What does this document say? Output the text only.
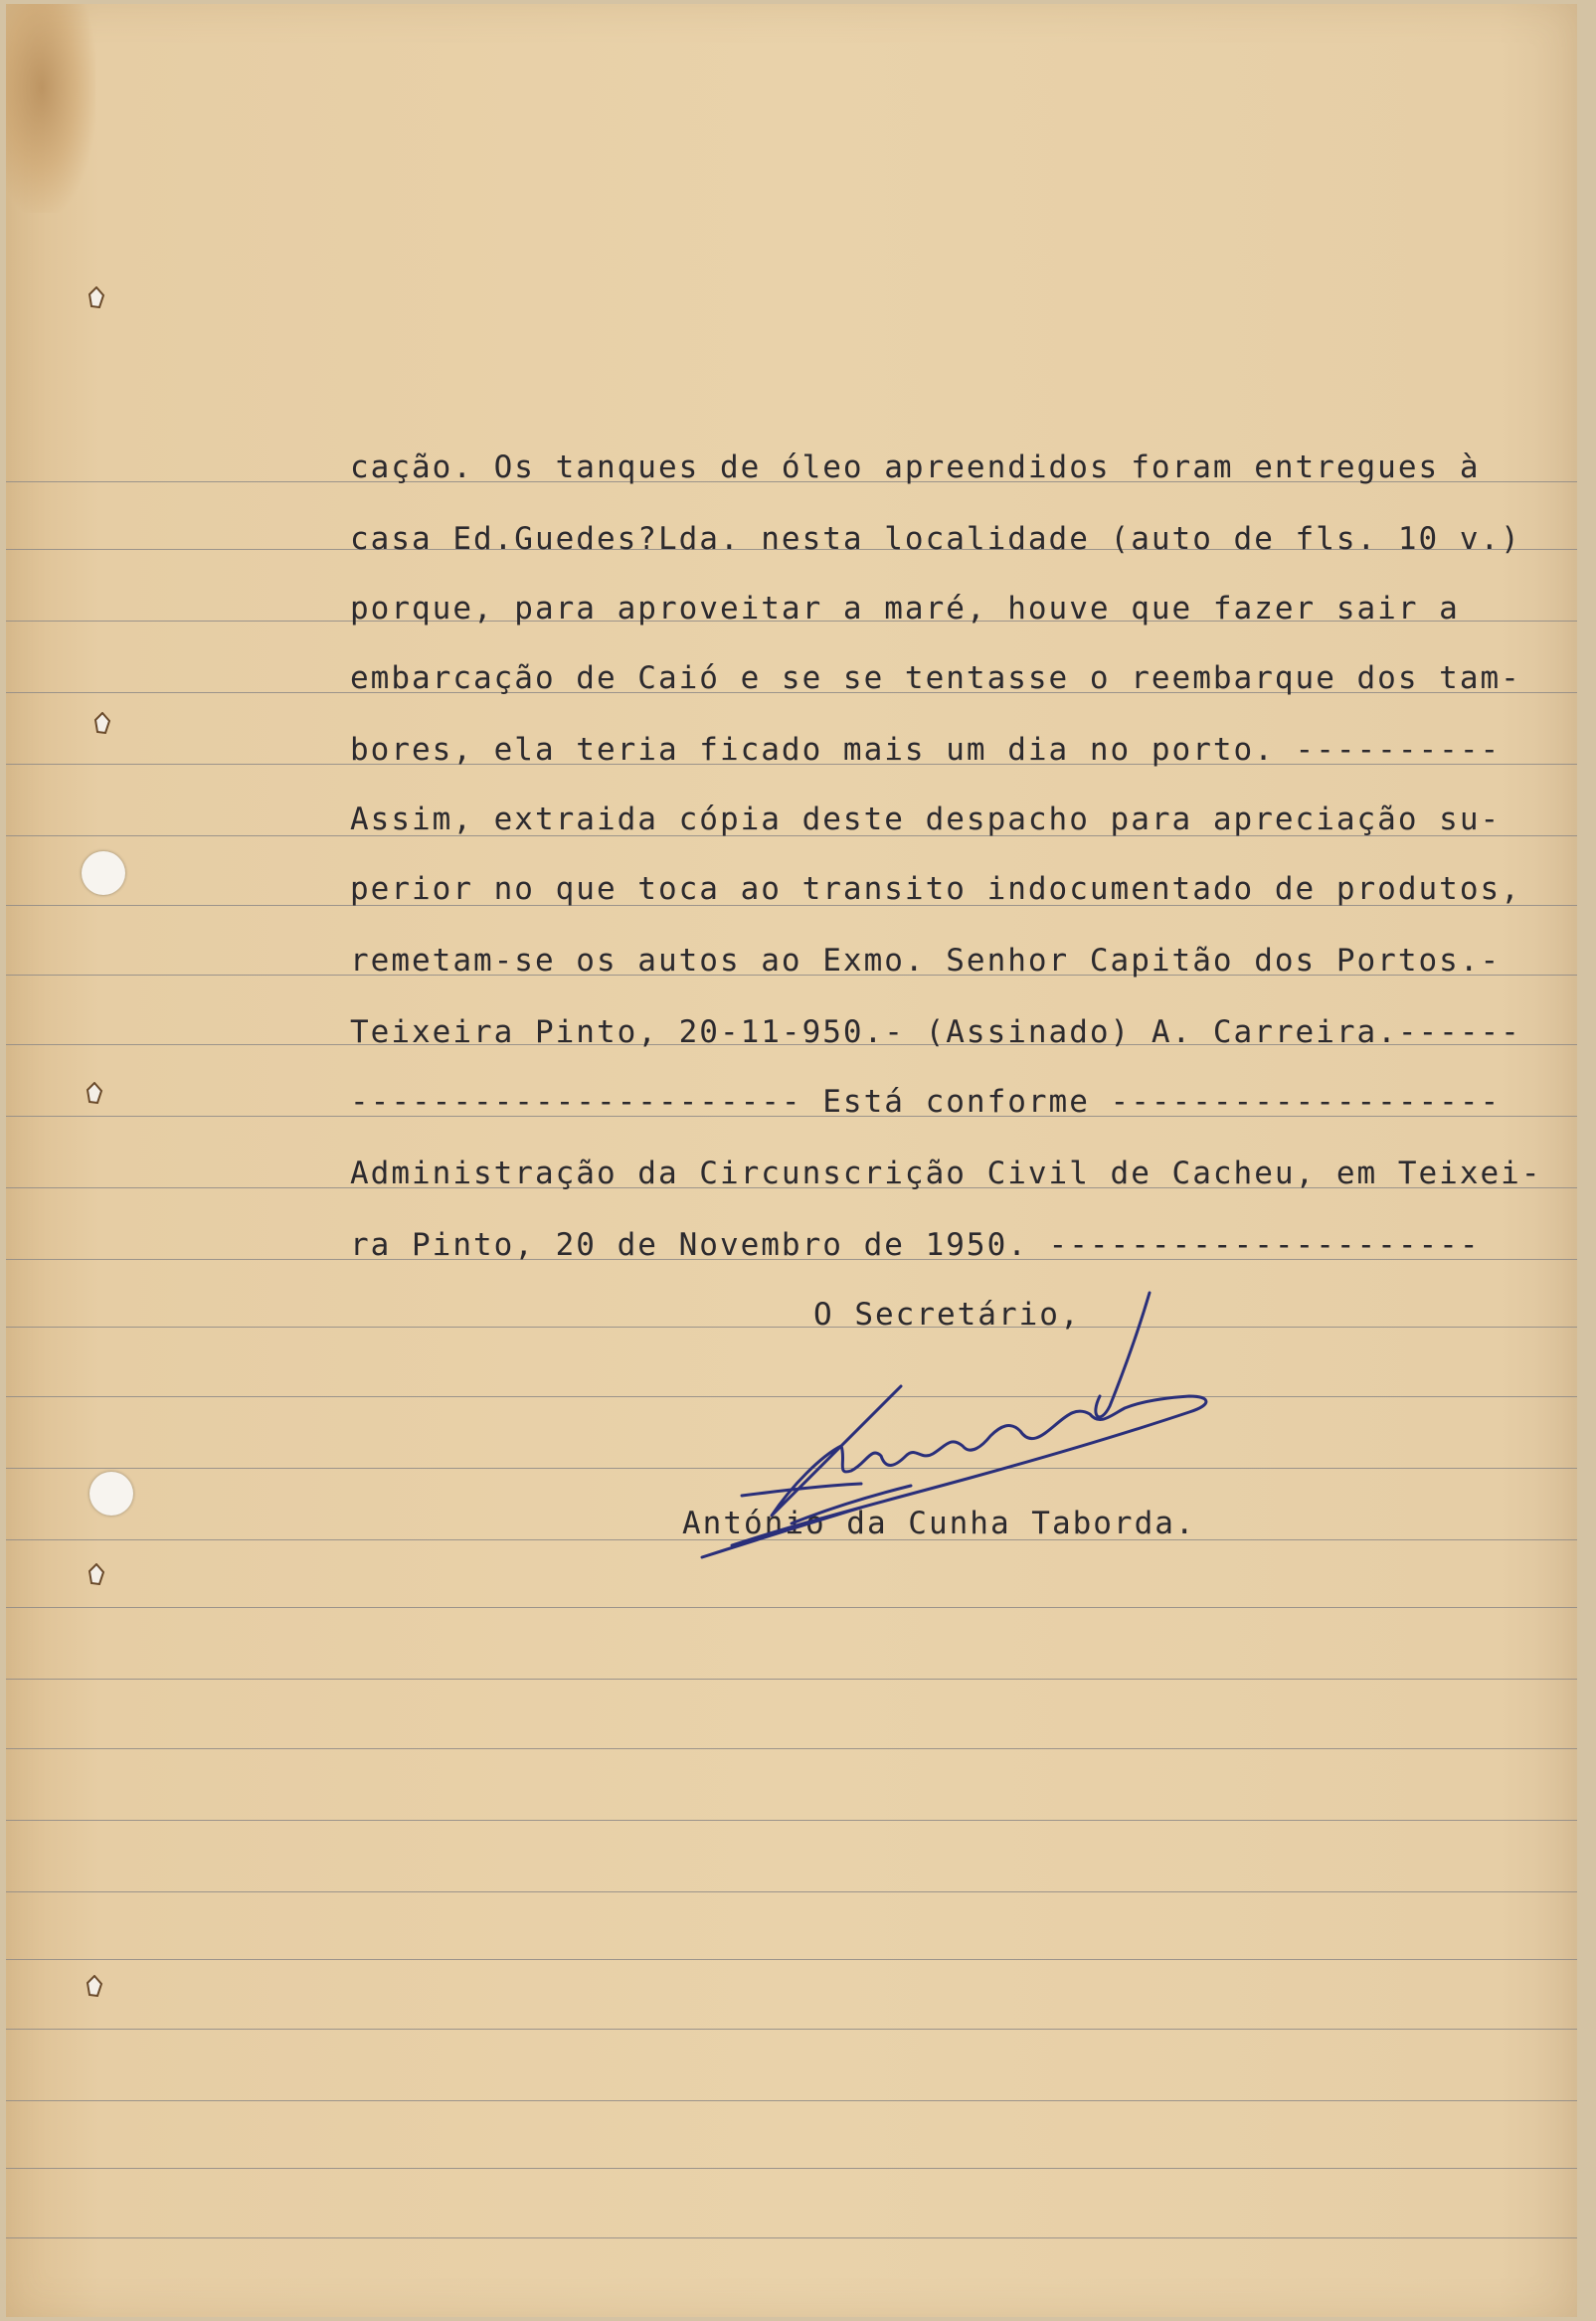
cação. Os tanques de óleo apreendidos foram entregues à
casa Ed.Guedes?Lda. nesta localidade (auto de fls. 10 v.)
porque, para aproveitar a maré, houve que fazer sair a
embarcação de Caió e se se tentasse o reembarque dos tam-
bores, ela teria ficado mais um dia no porto. ----------
Assim, extraida cópia deste despacho para apreciação su-
perior no que toca ao transito indocumentado de produtos,
remetam-se os autos ao Exmo. Senhor Capitão dos Portos.-
Teixeira Pinto, 20-11-950.- (Assinado) A. Carreira.------
---------------------- Está conforme -------------------
Administração da Circunscrição Civil de Cacheu, em Teixei-
ra Pinto, 20 de Novembro de 1950. ---------------------
O Secretário,
António da Cunha Taborda.
